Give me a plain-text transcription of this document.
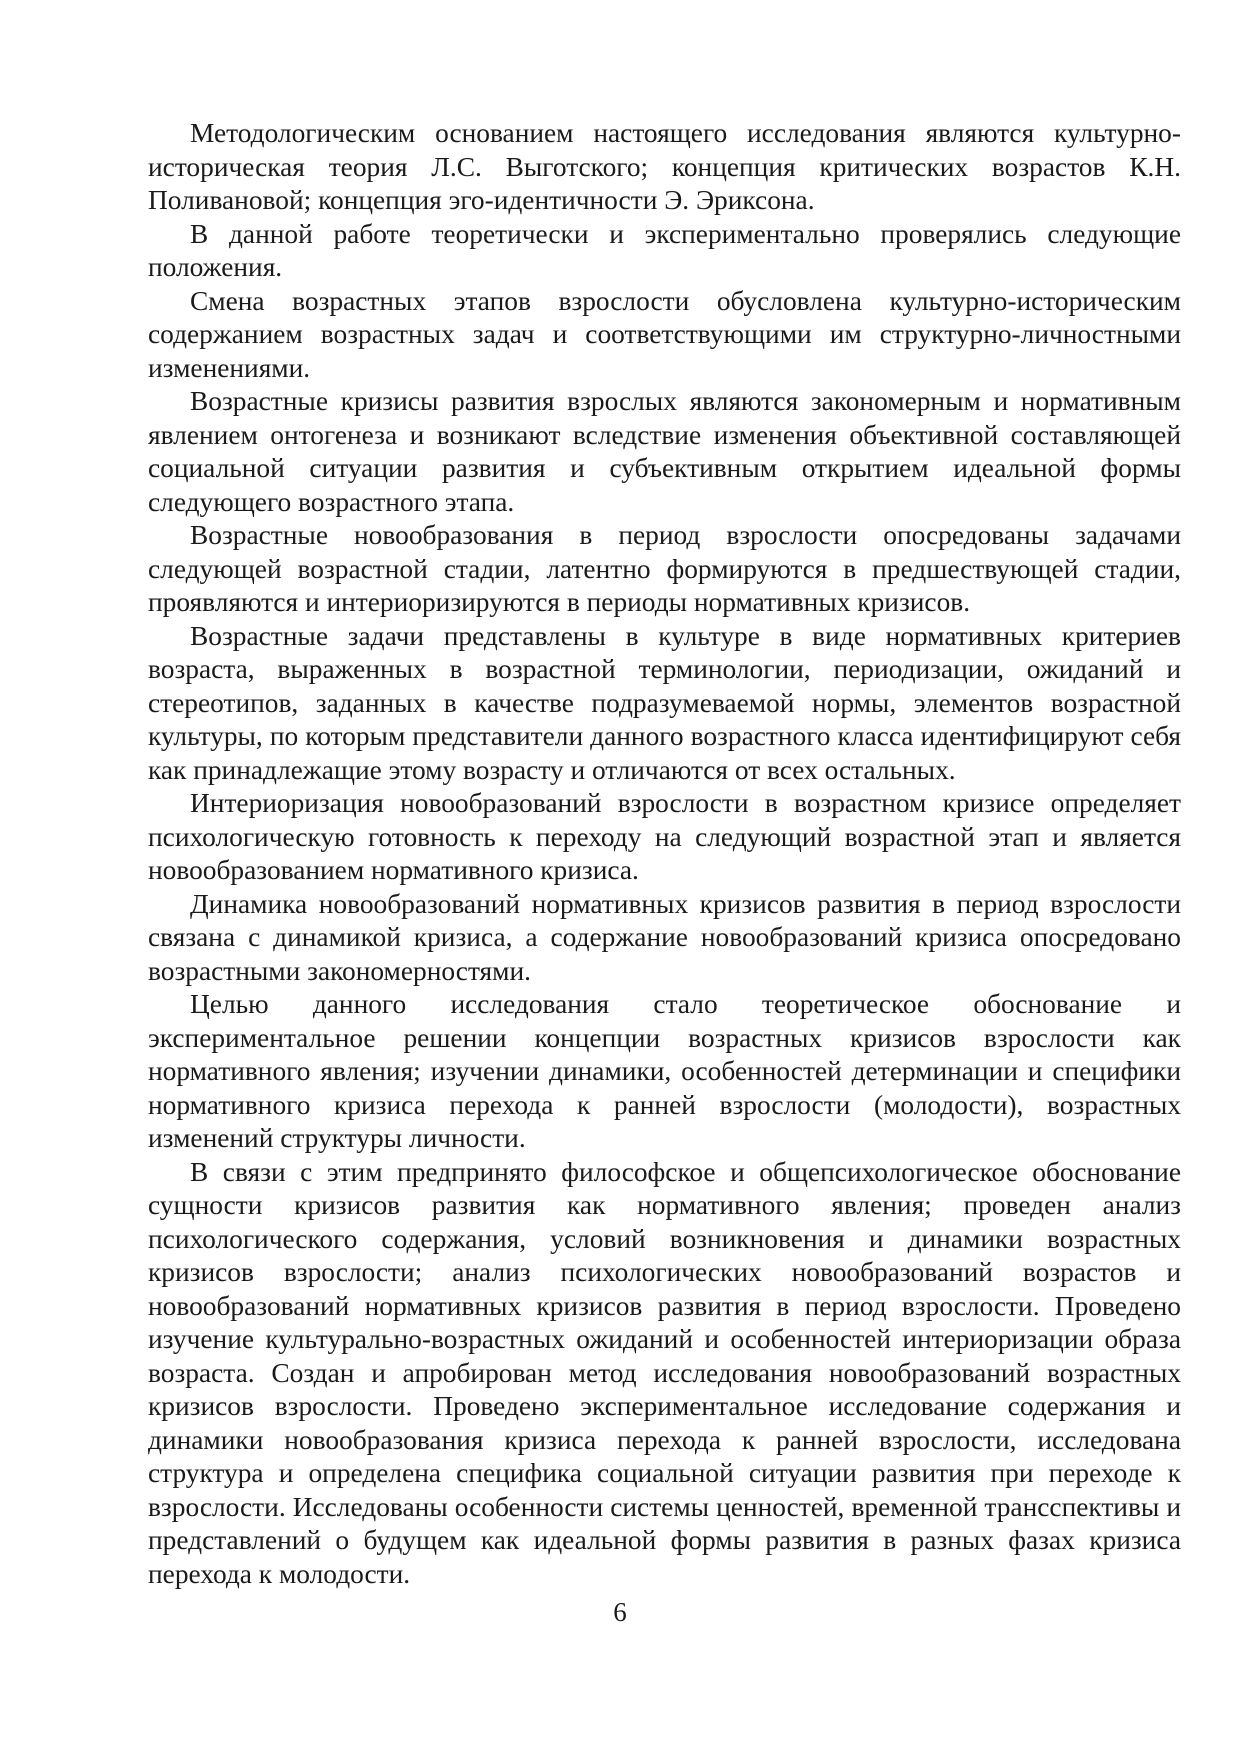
Методологическим основанием настоящего исследования являются культурно-историческая теория Л.С. Выготского; концепция критических возрастов К.Н. Поливановой; концепция эго-идентичности Э. Эриксона.

В данной работе теоретически и экспериментально проверялись следующие положения.

Смена возрастных этапов взрослости обусловлена культурно-историческим содержанием возрастных задач и соответствующими им структурно-личностными изменениями.

Возрастные кризисы развития взрослых являются закономерным и нормативным явлением онтогенеза и возникают вследствие изменения объективной составляющей социальной ситуации развития и субъективным открытием идеальной формы следующего возрастного этапа.

Возрастные новообразования в период взрослости опосредованы задачами следующей возрастной стадии, латентно формируются в предшествующей стадии, проявляются и интериоризируются в периоды нормативных кризисов.

Возрастные задачи представлены в культуре в виде нормативных критериев возраста, выраженных в возрастной терминологии, периодизации, ожиданий и стереотипов, заданных в качестве подразумеваемой нормы, элементов возрастной культуры, по которым представители данного возрастного класса идентифицируют себя как принадлежащие этому возрасту и отличаются от всех остальных.

Интериоризация новообразований взрослости в возрастном кризисе определяет психологическую готовность к переходу на следующий возрастной этап и является новообразованием нормативного кризиса.

Динамика новообразований нормативных кризисов развития в период взрослости связана с динамикой кризиса, а содержание новообразований кризиса опосредовано возрастными закономерностями.

Целью данного исследования стало теоретическое обоснование и экспериментальное решении концепции возрастных кризисов взрослости как нормативного явления; изучении динамики, особенностей детерминации и специфики нормативного кризиса перехода к ранней взрослости (молодости), возрастных изменений структуры личности.

В связи с этим предпринято философское и общепсихологическое обоснование сущности кризисов развития как нормативного явления; проведен анализ психологического содержания, условий возникновения и динамики возрастных кризисов взрослости; анализ психологических новообразований возрастов и новообразований нормативных кризисов развития в период взрослости. Проведено изучение культурально-возрастных ожиданий и особенностей интериоризации образа возраста. Создан и апробирован метод исследования новообразований возрастных кризисов взрослости. Проведено экспериментальное исследование содержания и динамики новообразования кризиса перехода к ранней взрослости, исследована структура и определена специфика социальной ситуации развития при переходе к взрослости. Исследованы особенности системы ценностей, временной транcспективы и представлений о будущем как идеальной формы развития в разных фазах кризиса перехода к молодости.

6
